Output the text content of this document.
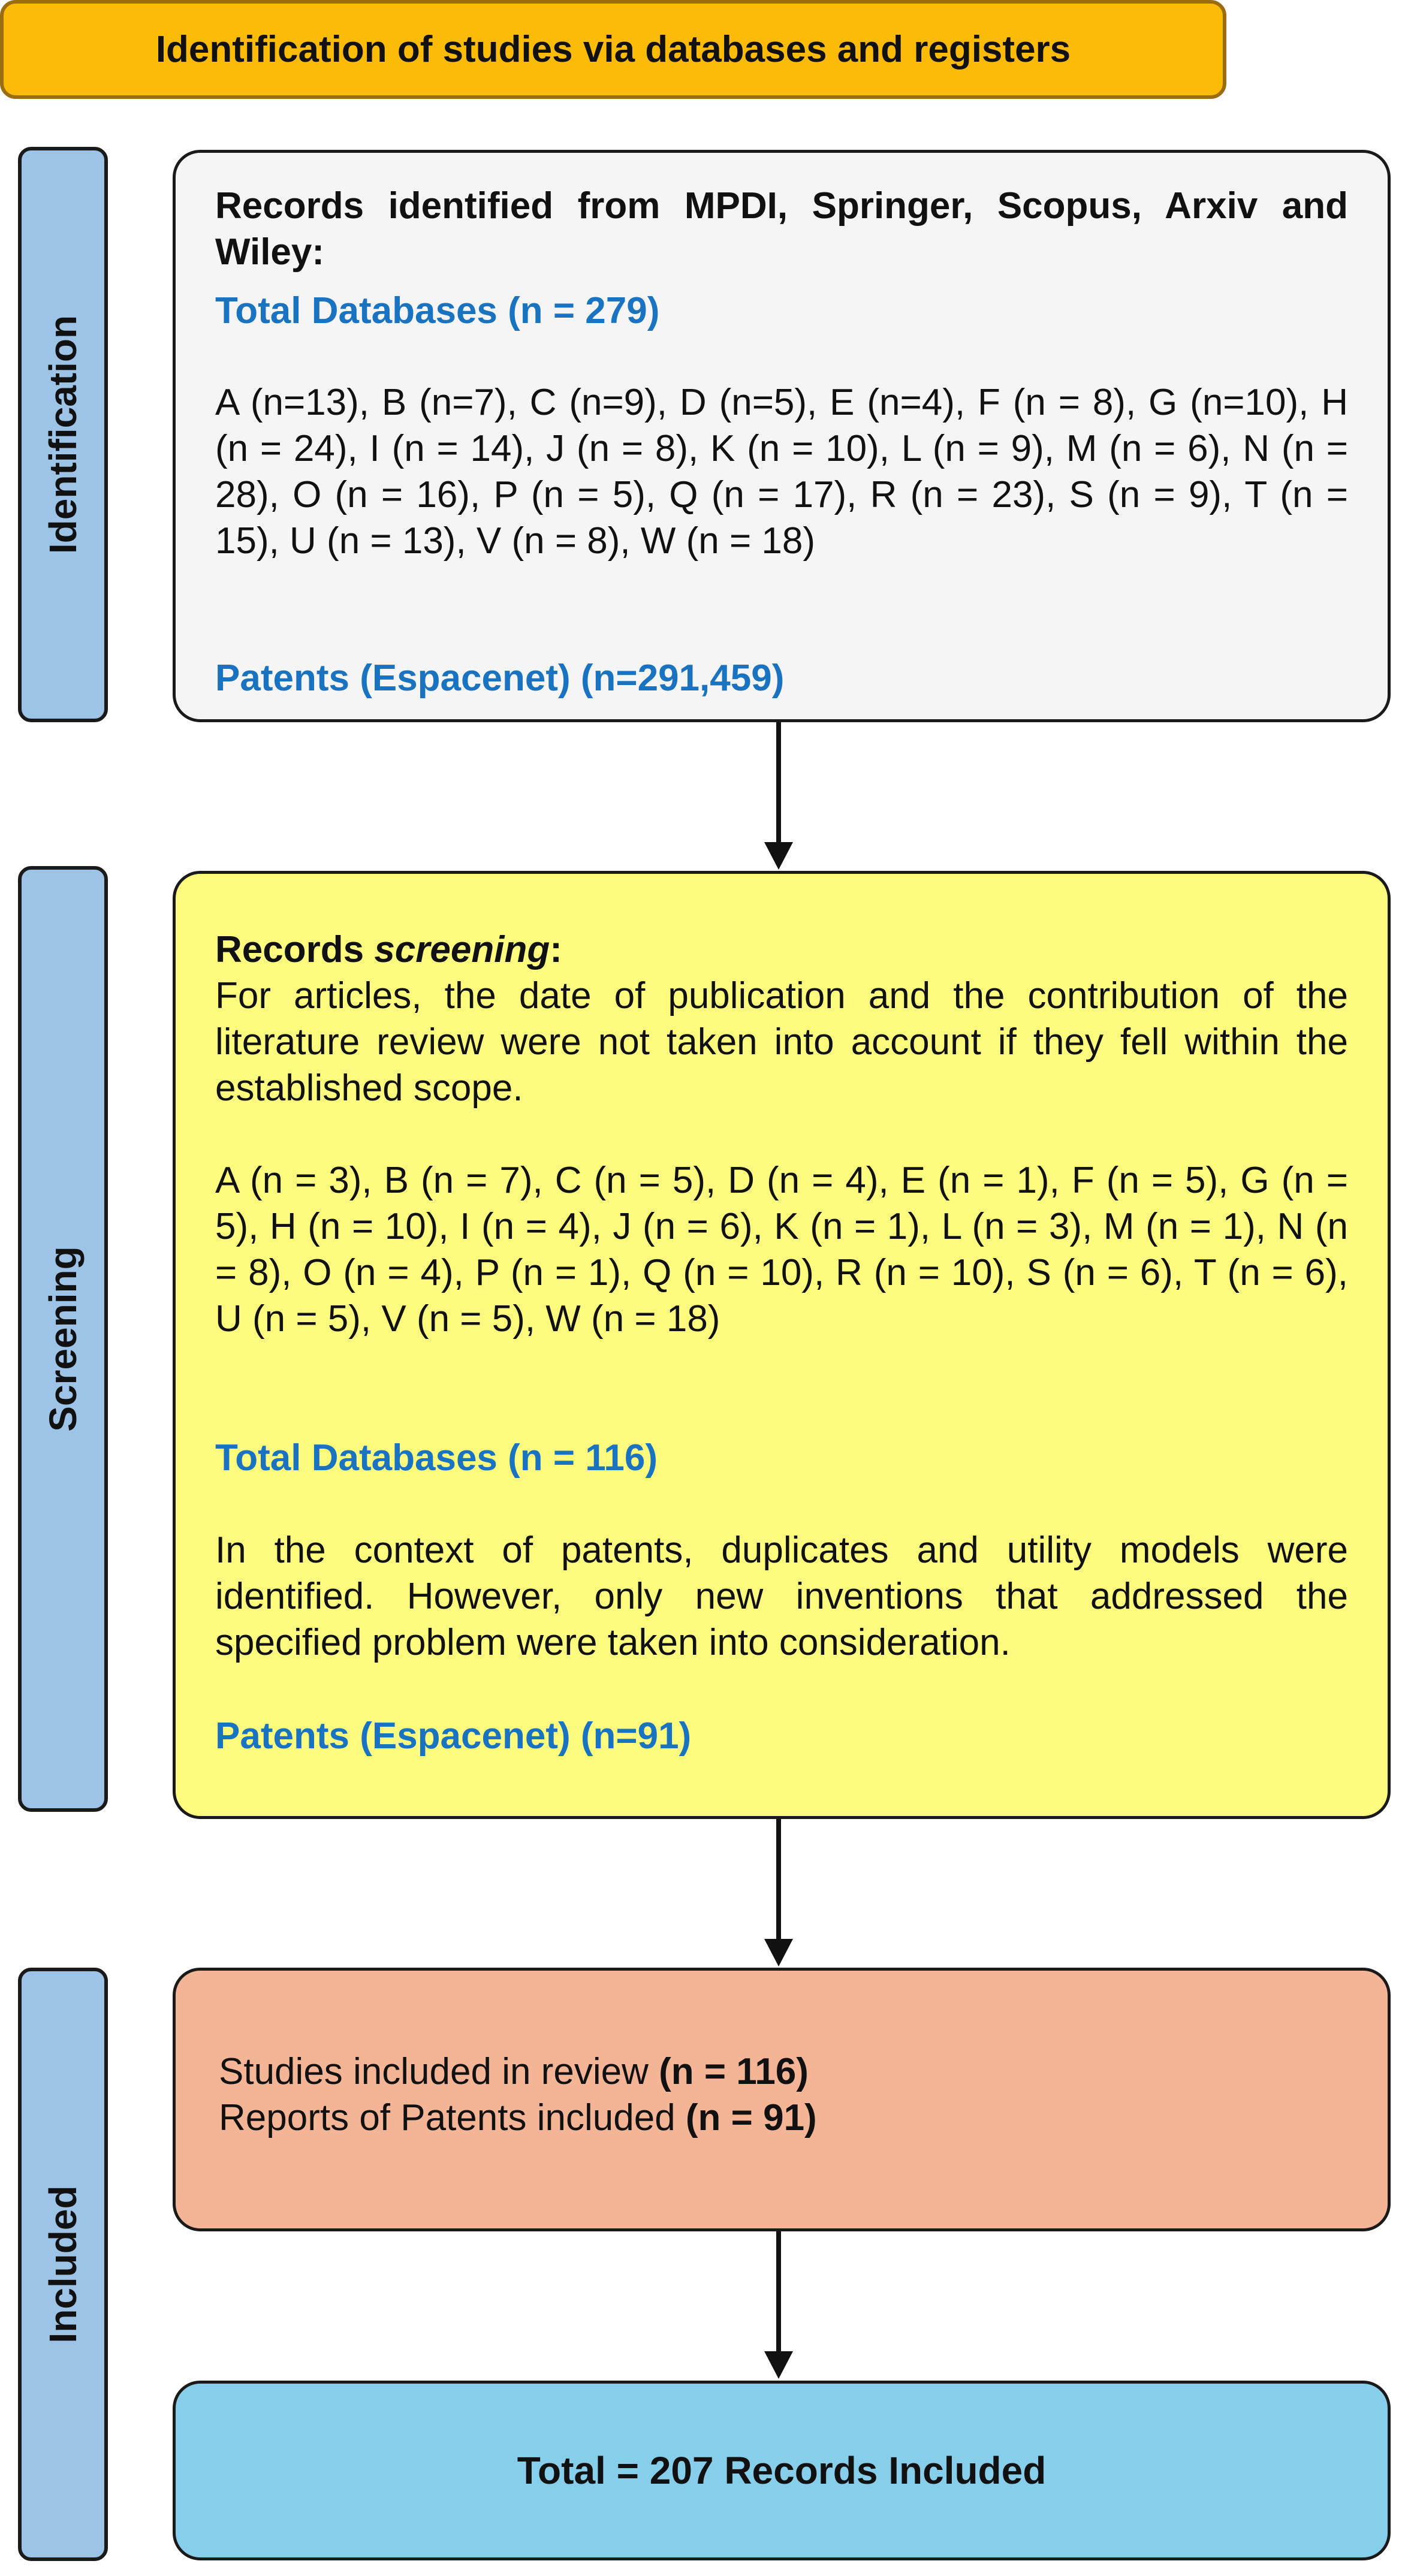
Identification of studies via databases and registers
Identification
Screening
Included

Records identified from MPDI, Springer, Scopus, Arxiv and Wiley:

Total Databases (n = 279)

A (n=13), B (n=7), C (n=9), D (n=5), E (n=4), F (n = 8), G (n=10), H (n = 24), I (n = 14), J (n = 8), K (n = 10), L (n = 9), M (n = 6), N (n = 28), O (n = 16), P (n = 5), Q (n = 17), R (n = 23), S (n = 9), T (n = 15), U (n = 13), V (n = 8), W (n = 18)

Patents (Espacenet) (n=291,459)

Records screening:

For articles, the date of publication and the contribution of the literature review were not taken into account if they fell within the established scope.

A (n = 3), B (n = 7), C (n = 5), D (n = 4), E (n = 1), F (n = 5), G (n = 5), H (n = 10), I (n = 4), J (n = 6), K (n = 1), L (n = 3), M (n = 1), N (n = 8), O (n = 4), P (n = 1), Q (n = 10), R (n = 10), S (n = 6), T (n = 6), U (n = 5), V (n = 5), W (n = 18)

Total Databases (n = 116)

In the context of patents, duplicates and utility models were identified. However, only new inventions that addressed the specified problem were taken into consideration.

Patents (Espacenet) (n=91)

Studies included in review (n = 116)

Reports of Patents included (n = 91)

Total = 207 Records Included
